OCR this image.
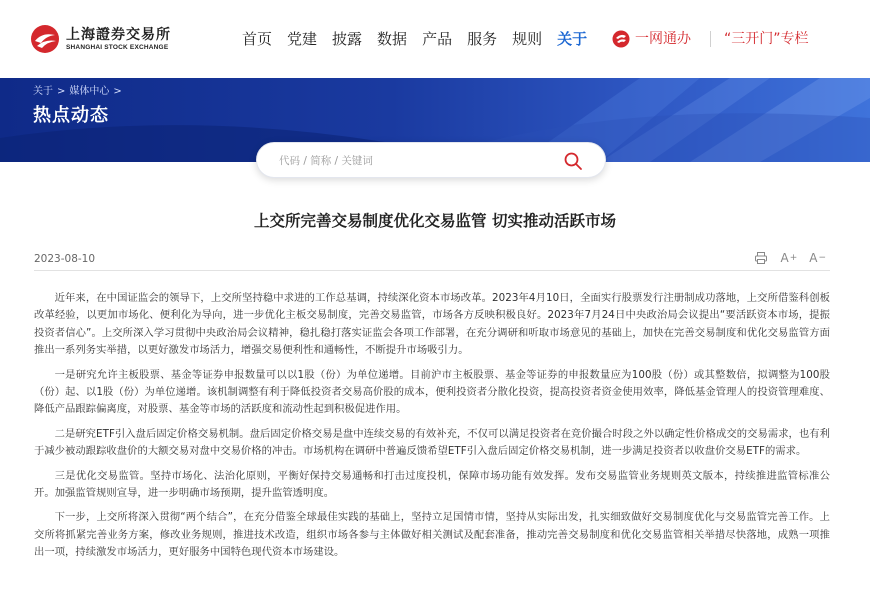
上海證券交易所
SHANGHAI STOCK EXCHANGE	首页 党建 披露 数据 产品 服务 规则 关于	一网通办 “三开门”专栏
关于 > 媒体中心 >
热点动态
代码 / 简称 / 关键词
上交所完善交易制度优化交易监管 切实推动活跃市场
2023-08-10	A + A −

近年来，在中国证监会的领导下，上交所坚持稳中求进的工作总基调，持续深化资本市场改革。2023年4月10日，全面实行股票发行注册制成功落地，上交所借鉴科创板改革经验，以更加市场化、便利化为导向，进一步优化主板交易制度，完善交易监管，市场各方反映积极良好。2023年7月24日中央政治局会议提出“要活跃资本市场，提振投资者信心”。上交所深入学习贯彻中央政治局会议精神，稳扎稳打落实证监会各项工作部署，在充分调研和听取市场意见的基础上，加快在完善交易制度和优化交易监管方面推出一系列务实举措，以更好激发市场活力，增强交易便利性和通畅性，不断提升市场吸引力。

一是研究允许主板股票、基金等证券申报数量可以以1股（份）为单位递增。目前沪市主板股票、基金等证券的申报数量应为100股（份）或其整数倍，拟调整为100股（份）起、以1股（份）为单位递增。该机制调整有利于降低投资者交易高价股的成本，便利投资者分散化投资，提高投资者资金使用效率，降低基金管理人的投资管理难度、降低产品跟踪偏离度，对股票、基金等市场的活跃度和流动性起到积极促进作用。

二是研究ETF引入盘后固定价格交易机制。盘后固定价格交易是盘中连续交易的有效补充，不仅可以满足投资者在竞价撮合时段之外以确定性价格成交的交易需求，也有利于减少被动跟踪收盘价的大额交易对盘中交易价格的冲击。市场机构在调研中普遍反馈希望ETF引入盘后固定价格交易机制，进一步满足投资者以收盘价交易ETF的需求。

三是优化交易监管。坚持市场化、法治化原则，平衡好保持交易通畅和打击过度投机，保障市场功能有效发挥。发布交易监管业务规则英文版本，持续推进监管标准公开。加强监管规则宣导，进一步明确市场预期，提升监管透明度。

下一步，上交所将深入贯彻“两个结合”，在充分借鉴全球最佳实践的基础上，坚持立足国情市情，坚持从实际出发，扎实细致做好交易制度优化与交易监管完善工作。上交所将抓紧完善业务方案，修改业务规则，推进技术改造，组织市场各参与主体做好相关测试及配套准备，推动完善交易制度和优化交易监管相关举措尽快落地，成熟一项推出一项，持续激发市场活力，更好服务中国特色现代资本市场建设。
